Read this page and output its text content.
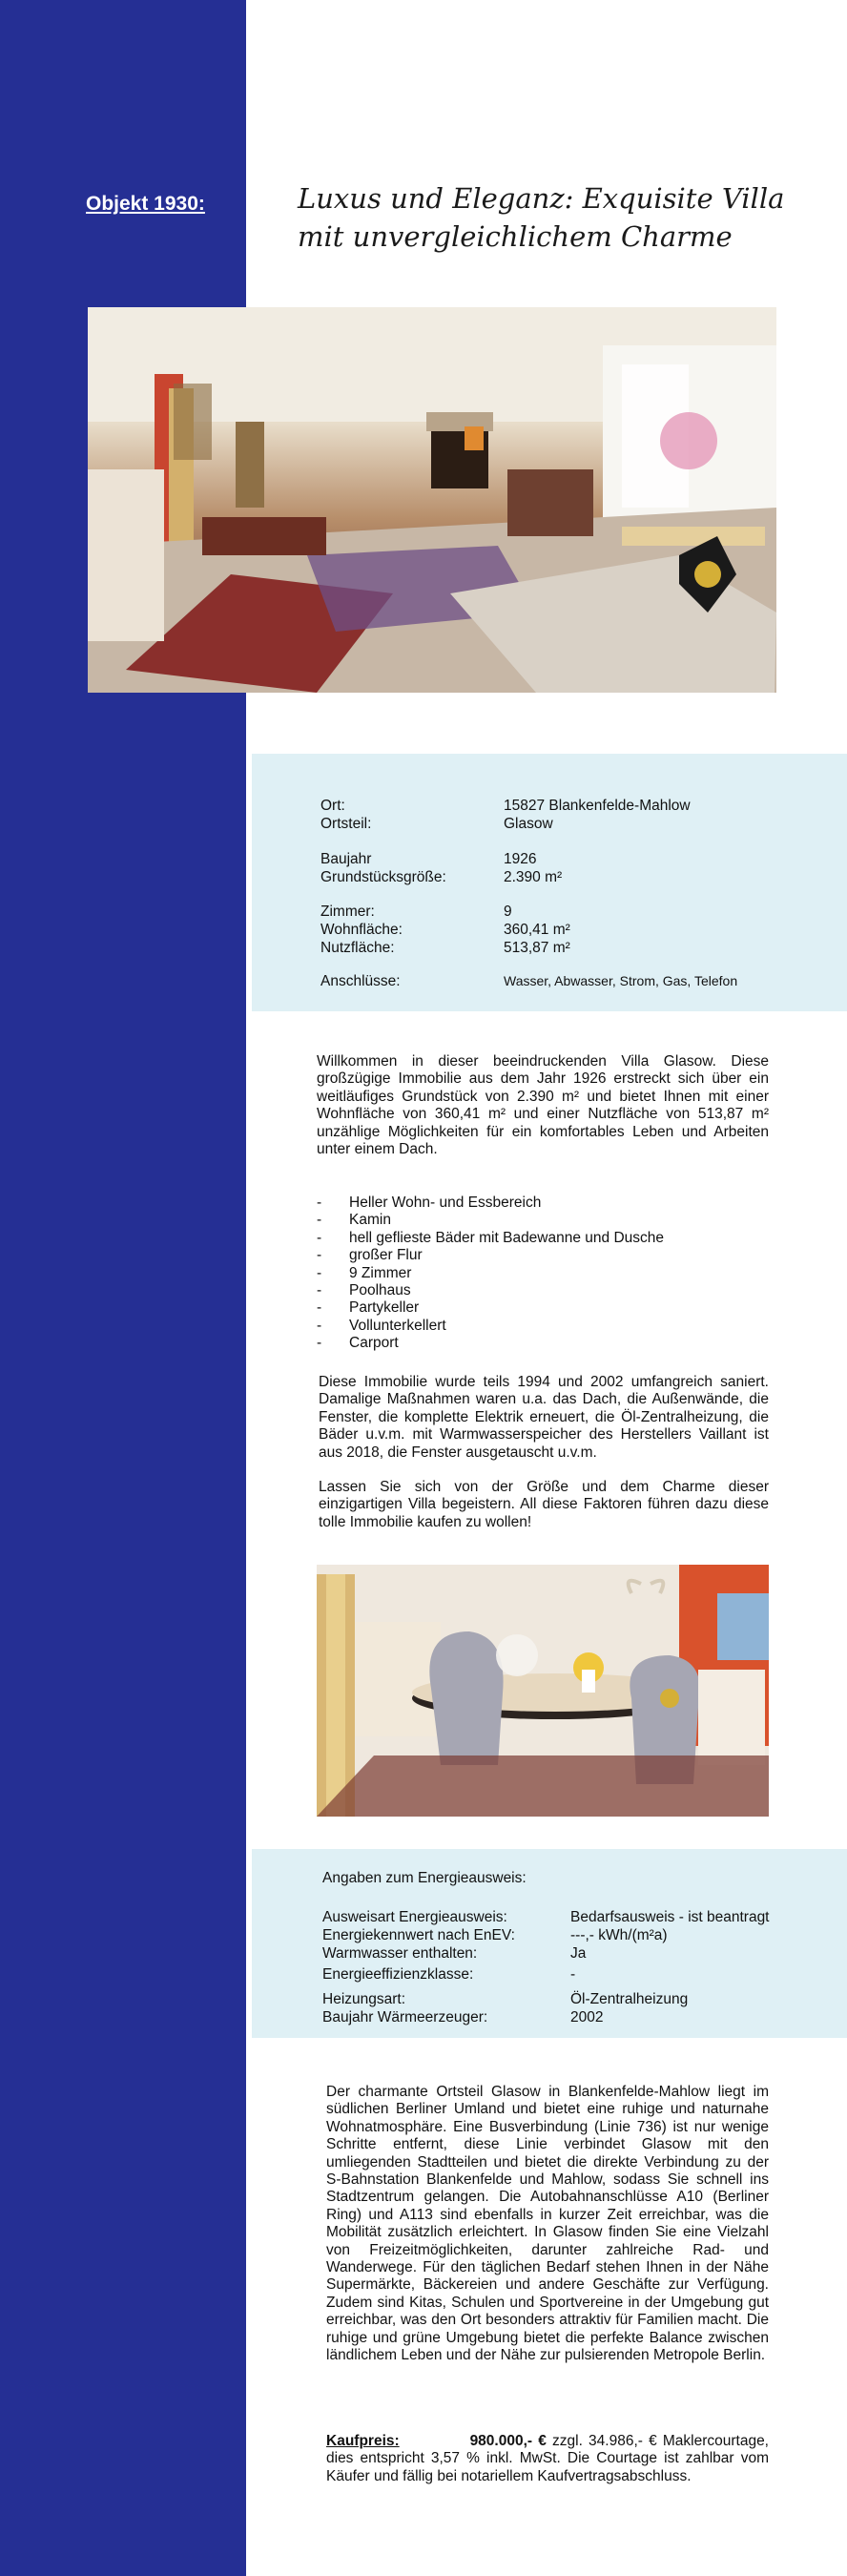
Objekt 1930:	Luxus und Eleganz: Exquisite Villa mit unvergleichlichem Charme
Ort:	15827 Blankenfelde-Mahlow
Ortsteil:	Glasow
Baujahr	1926
Grundstücksgröße:	2.390 m²
Zimmer:	9
Wohnfläche:	360,41 m²
Nutzfläche:	513,87 m²
Anschlüsse:	Wasser, Abwasser, Strom, Gas, Telefon

Willkommen in dieser beeindruckenden Villa Glasow. Diese großzügige Immobilie aus dem Jahr 1926 erstreckt sich über ein weitläufiges Grundstück von 2.390 m² und bietet Ihnen mit einer Wohnfläche von 360,41 m² und einer Nutzfläche von 513,87 m² unzählige Möglichkeiten für ein komfortables Leben und Arbeiten unter einem Dach.

- Heller Wohn- und Essbereich
- Kamin
- hell geflieste Bäder mit Badewanne und Dusche
- großer Flur
- 9 Zimmer
- Poolhaus
- Partykeller
- Vollunterkellert
- Carport

Diese Immobilie wurde teils 1994 und 2002 umfangreich saniert. Damalige Maßnahmen waren u.a. das Dach, die Außenwände, die Fenster, die komplette Elektrik erneuert, die Öl-Zentralheizung, die Bäder u.v.m. mit Warmwasserspeicher des Herstellers Vaillant ist aus 2018, die Fenster ausgetauscht u.v.m.

Lassen Sie sich von der Größe und dem Charme dieser einzigartigen Villa begeistern. All diese Faktoren führen dazu diese tolle Immobilie kaufen zu wollen!

Angaben zum Energieausweis:
Ausweisart Energieausweis:	Bedarfsausweis - ist beantragt
Energiekennwert nach EnEV:	---,- kWh/(m²a)
Warmwasser enthalten:	Ja
Energieeffizienzklasse:	-
Heizungsart:	Öl-Zentralheizung
Baujahr Wärmeerzeuger:	2002

Der charmante Ortsteil Glasow in Blankenfelde-Mahlow liegt im südlichen Berliner Umland und bietet eine ruhige und naturnahe Wohnatmosphäre. Eine Busverbindung (Linie 736) ist nur wenige Schritte entfernt, diese Linie verbindet Glasow mit den umliegenden Stadtteilen und bietet die direkte Verbindung zu der S-Bahnstation Blankenfelde und Mahlow, sodass Sie schnell ins Stadtzentrum gelangen. Die Autobahnanschlüsse A10 (Berliner Ring) und A113 sind ebenfalls in kurzer Zeit erreichbar, was die Mobilität zusätzlich erleichtert. In Glasow finden Sie eine Vielzahl von Freizeitmöglichkeiten, darunter zahlreiche Rad- und Wanderwege. Für den täglichen Bedarf stehen Ihnen in der Nähe Supermärkte, Bäckereien und andere Geschäfte zur Verfügung. Zudem sind Kitas, Schulen und Sportvereine in der Umgebung gut erreichbar, was den Ort besonders attraktiv für Familien macht. Die ruhige und grüne Umgebung bietet die perfekte Balance zwischen ländlichem Leben und der Nähe zur pulsierenden Metropole Berlin.

Kaufpreis:	980.000,- € zzgl. 34.986,- € Maklercourtage, dies entspricht 3,57 % inkl. MwSt. Die Courtage ist zahlbar vom Käufer und fällig bei notariellem Kaufvertragsabschluss.
